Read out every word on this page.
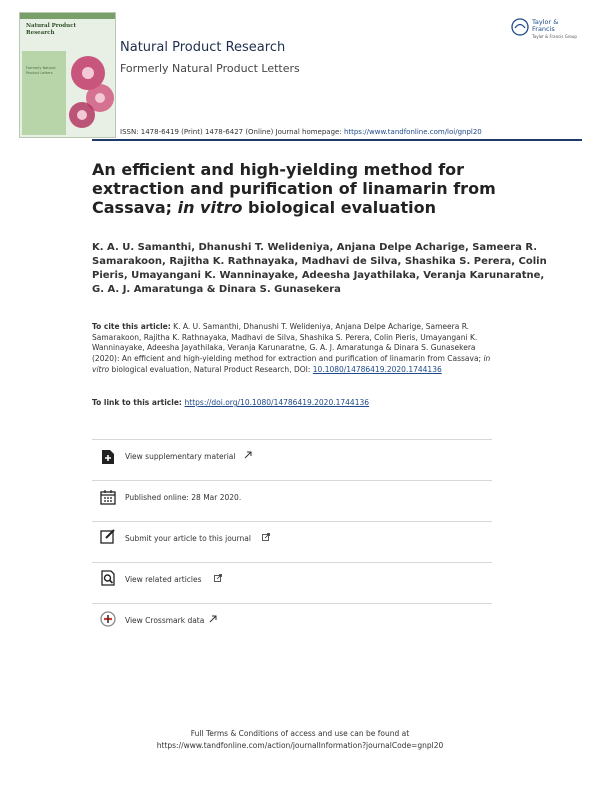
Natural Product Research
Formerly Natural Product Letters
Natural Product Research
Formerly Natural Product Letters
ISSN: 1478-6419 (Print) 1478-6427 (Online) Journal homepage: https://www.tandfonline.com/loi/gnpl20
Taylor & Francis
Taylor & Francis Group
An efficient and high-yielding method for extraction and purification of linamarin from Cassava; in vitro biological evaluation
K. A. U. Samanthi, Dhanushi T. Welideniya, Anjana Delpe Acharige, Sameera R. Samarakoon, Rajitha K. Rathnayaka, Madhavi de Silva, Shashika S. Perera, Colin Pieris, Umayangani K. Wanninayake, Adeesha Jayathilaka, Veranja Karunaratne, G. A. J. Amaratunga & Dinara S. Gunasekera
To cite this article: K. A. U. Samanthi, Dhanushi T. Welideniya, Anjana Delpe Acharige, Sameera R. Samarakoon, Rajitha K. Rathnayaka, Madhavi de Silva, Shashika S. Perera, Colin Pieris, Umayangani K. Wanninayake, Adeesha Jayathilaka, Veranja Karunaratne, G. A. J. Amaratunga & Dinara S. Gunasekera (2020): An efficient and high-yielding method for extraction and purification of linamarin from Cassava; in vitro biological evaluation, Natural Product Research, DOI: 10.1080/14786419.2020.1744136
To link to this article: https://doi.org/10.1080/14786419.2020.1744136
View supplementary material
Published online: 28 Mar 2020.
Submit your article to this journal
View related articles
View Crossmark data
Full Terms & Conditions of access and use can be found at
https://www.tandfonline.com/action/journalInformation?journalCode=gnpl20
